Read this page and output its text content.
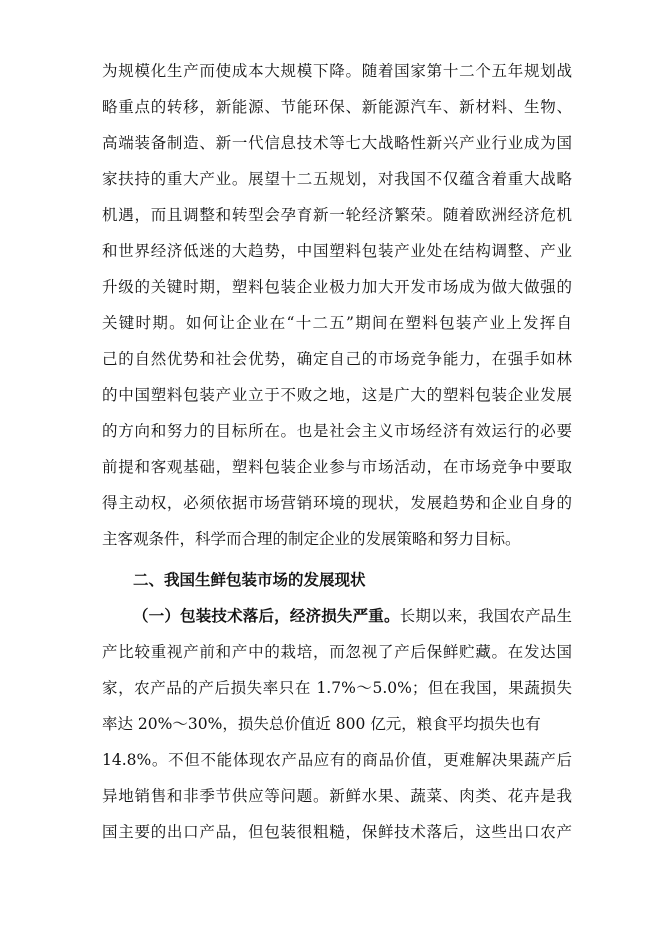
为规模化生产而使成本大规模下降。随着国家第十二个五年规划战
略重点的转移，新能源、节能环保、新能源汽车、新材料、生物、
高端装备制造、新一代信息技术等七大战略性新兴产业行业成为国
家扶持的重大产业。展望十二五规划，对我国不仅蕴含着重大战略
机遇，而且调整和转型会孕育新一轮经济繁荣。随着欧洲经济危机
和世界经济低迷的大趋势，中国塑料包装产业处在结构调整、产业
升级的关键时期，塑料包装企业极力加大开发市场成为做大做强的
关键时期。如何让企业在“十二五”期间在塑料包装产业上发挥自
己的自然优势和社会优势，确定自己的市场竞争能力，在强手如林
的中国塑料包装产业立于不败之地，这是广大的塑料包装企业发展
的方向和努力的目标所在。也是社会主义市场经济有效运行的必要
前提和客观基础，塑料包装企业参与市场活动，在市场竞争中要取
得主动权，必须依据市场营销环境的现状，发展趋势和企业自身的
主客观条件，科学而合理的制定企业的发展策略和努力目标。
二、我国生鲜包装市场的发展现状
（一）包装技术落后，经济损失严重。长期以来，我国农产品生
产比较重视产前和产中的栽培，而忽视了产后保鲜贮藏。在发达国
家，农产品的产后损失率只在 1.7%～5.0%；但在我国，果蔬损失
率达 20%～30%，损失总价值近 800 亿元，粮食平均损失也有
14.8%。不但不能体现农产品应有的商品价值，更难解决果蔬产后
异地销售和非季节供应等问题。新鲜水果、蔬菜、肉类、花卉是我
国主要的出口产品，但包装很粗糙，保鲜技术落后，这些出口农产
